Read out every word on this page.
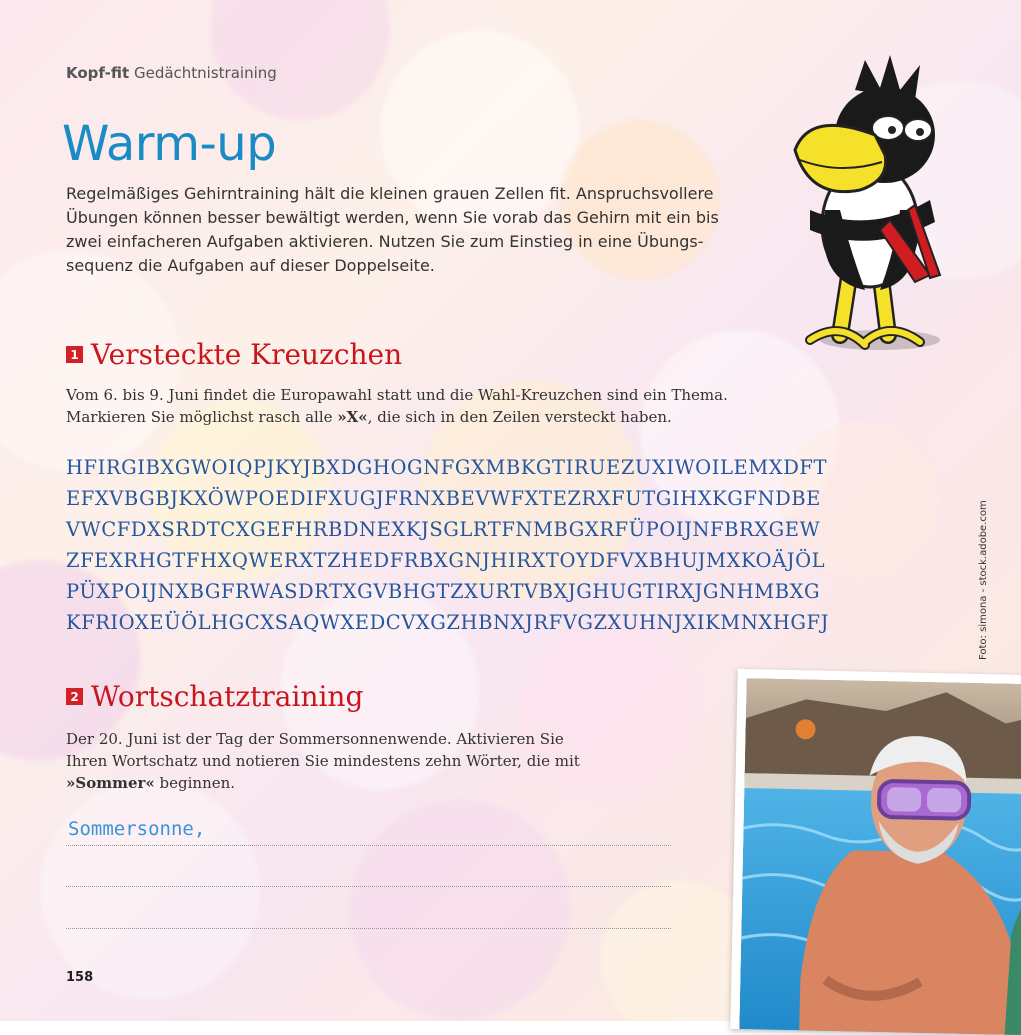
Kopf-fit Gedächtnistraining
Warm-up
Regelmäßiges Gehirntraining hält die kleinen grauen Zellen fit. Anspruchsvollere Übungen können besser bewältigt werden, wenn Sie vorab das Gehirn mit ein bis zwei einfacheren Aufgaben aktivieren. Nutzen Sie zum Einstieg in eine Übungs-sequenz die Aufgaben auf dieser Doppelseite.
1 Versteckte Kreuzchen
Vom 6. bis 9. Juni findet die Europawahl statt und die Wahl-Kreuzchen sind ein Thema.
Markieren Sie möglichst rasch alle »X«, die sich in den Zeilen versteckt haben.
HFIRGIBXGWOIQPJKYJBXDGHOGNFGXMBKGTIRUEZUXIWOILEMXDFT
EFXVBGBJKXÖWPOEDIFXUGJFRNXBEVWFXTEZRXFUTGIHXKGFNDBE
VWCFDXSRDTCXGEFHRBDNEXKJSGLRTFNMBGXRFÜPOIJNFBRXGEW
ZFEXRHGTFHXQWERXTZHEDFRBXGNJHIRXTOYDFVXBHUJMXKOÄJÖL
PÜXPOIJNXBGFRWASDRTXGVBHGTZXURTVBXJGHUGTIRXJGNHMBXG
KFRIOXEÜÖLHGCXSAQWXEDCVXGZHBNXJRFVGZXUHNJXIKMNXHGFJ
2 Wortschatztraining
Der 20. Juni ist der Tag der Sommersonnenwende. Aktivieren Sie
Ihren Wortschatz und notieren Sie mindestens zehn Wörter, die mit
»Sommer« beginnen.
Sommersonne,
158
Foto: simona - stock.adobe.com
